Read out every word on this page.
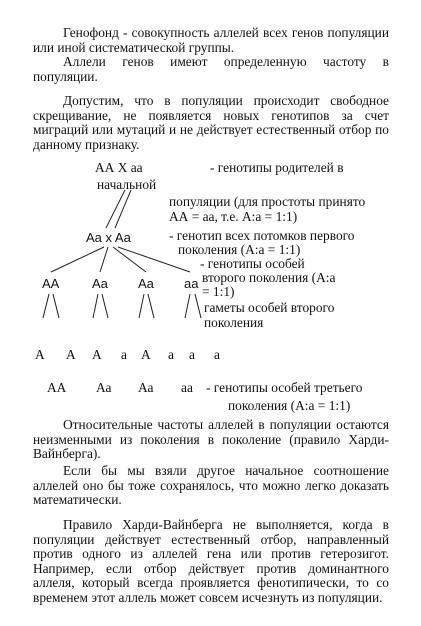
Генофонд - совокупность аллелей всех генов популяции или иной систематической группы.
Аллели генов имеют определенную частоту в популяции.
Допустим, что в популяции происходит свободное скрещивание, не появляется новых генотипов за счет миграций или мутаций и не действует естественный отбор по данному признаку.
АА Х аа	- генотипы родителей в
начальной
популяции (для простоты принято
АА = аа, т.е. А:а = 1:1)
Aa x Aa	- генотип всех потомков первого
поколения (А:а = 1:1)
- генотипы особей
второго поколения (А:а
= 1:1)
AA	Aa Aa aa
гаметы особей второго
поколения
А А А а А а а а
АА Аа Аа аа - генотипы особей третьего
поколения (А:а = 1:1)
Относительные частоты аллелей в популяции остаются неизменными из поколения в поколение (правило Харди-Вайнберга).
Если бы мы взяли другое начальное соотношение аллелей оно бы тоже сохранялось, что можно легко доказать математически.
Правило Харди-Вайнберга не выполняется, когда в популяции действует естественный отбор, направленный против одного из аллелей гена или против гетерозигот. Например, если отбор действует против доминантного аллеля, который всегда проявляется фенотипически, то со временем этот аллель может совсем исчезнуть из популяции.
